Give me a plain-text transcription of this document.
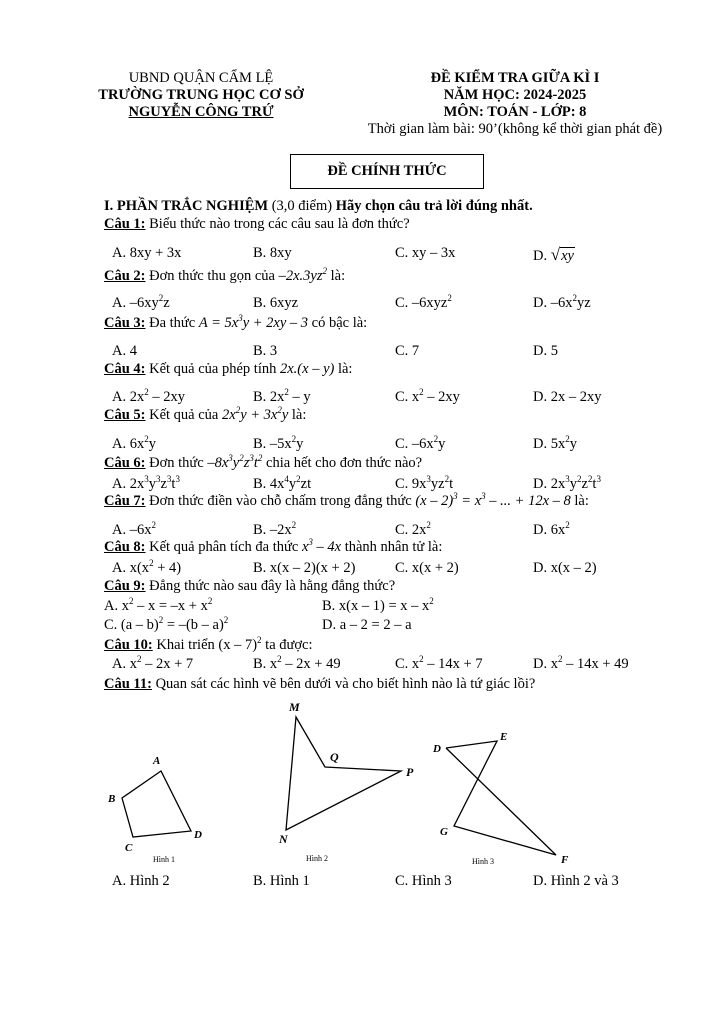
UBND QUẬN CẨM LỆ
TRƯỜNG TRUNG HỌC CƠ SỞ
NGUYỄN CÔNG TRỨ
ĐỀ KIỂM TRA GIỮA KÌ I
NĂM HỌC: 2024-2025
MÔN: TOÁN - LỚP: 8
Thời gian làm bài: 90’(không kể thời gian phát đề)
ĐỀ CHÍNH THỨC
I. PHẦN TRẮC NGHIỆM (3,0 điểm) Hãy chọn câu trả lời đúng nhất.
Câu 1: Biểu thức nào trong các câu sau là đơn thức?
A. 8xy + 3x	B. 8xy	C. xy – 3x	D. √xy
Câu 2: Đơn thức thu gọn của $-2x.3yz^2$ là:
A. $-6xy^2z$	B. 6xyz	C. –6xyz$^2$	D. $-6x^2yz$
Câu 3: Đa thức $A = 5x^3y + 2xy - 3$ có bậc là:
A. 4	B. 3	C. 7	D. 5
Câu 4: Kết quả của phép tính 2x.(x – y) là:
A. $2x^2 - 2xy$	B. $2x^2$ – y	C. $x^2 - 2xy$	D. 2x – 2xy
Câu 5: Kết quả của $2x^2y + 3x^2y$ là:
A. $6x^2y$	B. $-5x^2y$	C. $-6x^2y$	D. $5x^2y$
Câu 6: Đơn thức $-8x^3y^2z^3t^2$ chia hết cho đơn thức nào?
A. $2x^3y^3z^3t^3$	B. $4x^4y^2zt$	C. $9x^3yz^2t$	D. $2x^3y^2z^2t^3$
Câu 7: Đơn thức điền vào chỗ chấm trong đẳng thức $(x - 2)^3 = x^3$ – ... + 12x – 8 là:
A. $-6x^2$	B. $-2x^2$	C. $2x^2$	D. $6x^2$
Câu 8: Kết quả phân tích đa thức $x^3 - 4x$ thành nhân tử là:
A. $x(x^2 + 4)$	B. x(x – 2)(x + 2)	C. x(x + 2)	D. x(x – 2)
Câu 9: Đẳng thức nào sau đây là hằng đẳng thức?
A. $x^2 - x = -x + x^2$	B. $x(x - 1) = x - x^2$
C. (a – b)$^2$ = –(b – a)$^2$	D. a – 2 = 2 – a
Câu 10: Khai triển (x – 7)$^2$ ta được:
A. $x^2 - 2x + 7$	B. $x^2 - 2x + 49$	C. $x^2 - 14x + 7$	D. $x^2 - 14x + 49$
Câu 11: Quan sát các hình vẽ bên dưới và cho biết hình nào là tứ giác lồi?
A
B
C
D
Hình 1
M
Q
P
N
Hình 2
D
E
G
F
Hình 3
A. Hình 2	B. Hình 1	C. Hình 3	D. Hình 2 và 3
